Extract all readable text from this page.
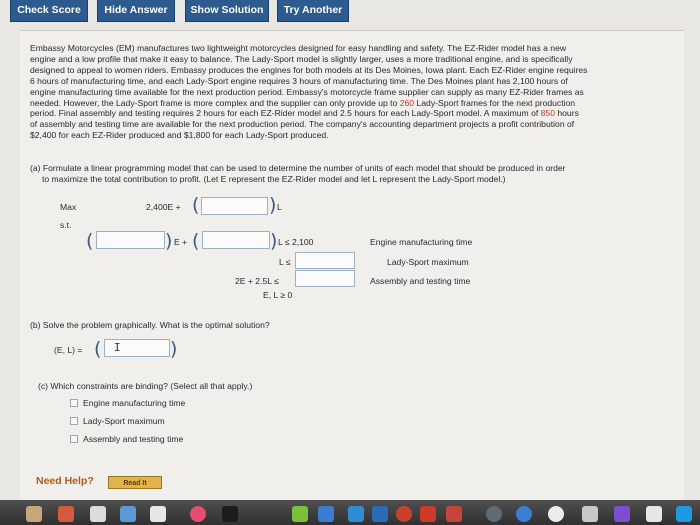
Check Score	Hide Answer	Show Solution	Try Another
Embassy Motorcycles (EM) manufactures two lightweight motorcycles designed for easy handling and safety. The EZ-Rider model has a new
engine and a low profile that make it easy to balance. The Lady-Sport model is slightly larger, uses a more traditional engine, and is specifically
designed to appeal to women riders. Embassy produces the engines for both models at its Des Moines, Iowa plant. Each EZ-Rider engine requires
6 hours of manufacturing time, and each Lady-Sport engine requires 3 hours of manufacturing time. The Des Moines plant has 2,100 hours of
engine manufacturing time available for the next production period. Embassy's motorcycle frame supplier can supply as many EZ-Rider frames as
needed. However, the Lady-Sport frame is more complex and the supplier can only provide up to 260 Lady-Sport frames for the next production
period. Final assembly and testing requires 2 hours for each EZ-Rider model and 2.5 hours for each Lady-Sport model. A maximum of 850 hours
of assembly and testing time are available for the next production period. The company's accounting department projects a profit contribution of
$2,400 for each EZ-Rider produced and $1,800 for each Lady-Sport produced.
(a) Formulate a linear programming model that can be used to determine the number of units of each model that should be produced in order
to maximize the total contribution to profit. (Let E represent the EZ-Rider model and let L represent the Lady-Sport model.)
Max	2,400E + (	) L
s.t.
(	) E + (	) L ≤ 2,100	Engine manufacturing time
L ≤	Lady-Sport maximum
2E + 2.5L ≤	Assembly and testing time
E, L ≥ 0
(b) Solve the problem graphically. What is the optimal solution?
(E, L) = ( I	)
(c) Which constraints are binding? (Select all that apply.)
Engine manufacturing time
Lady-Sport maximum
Assembly and testing time
Need Help?	Read It
